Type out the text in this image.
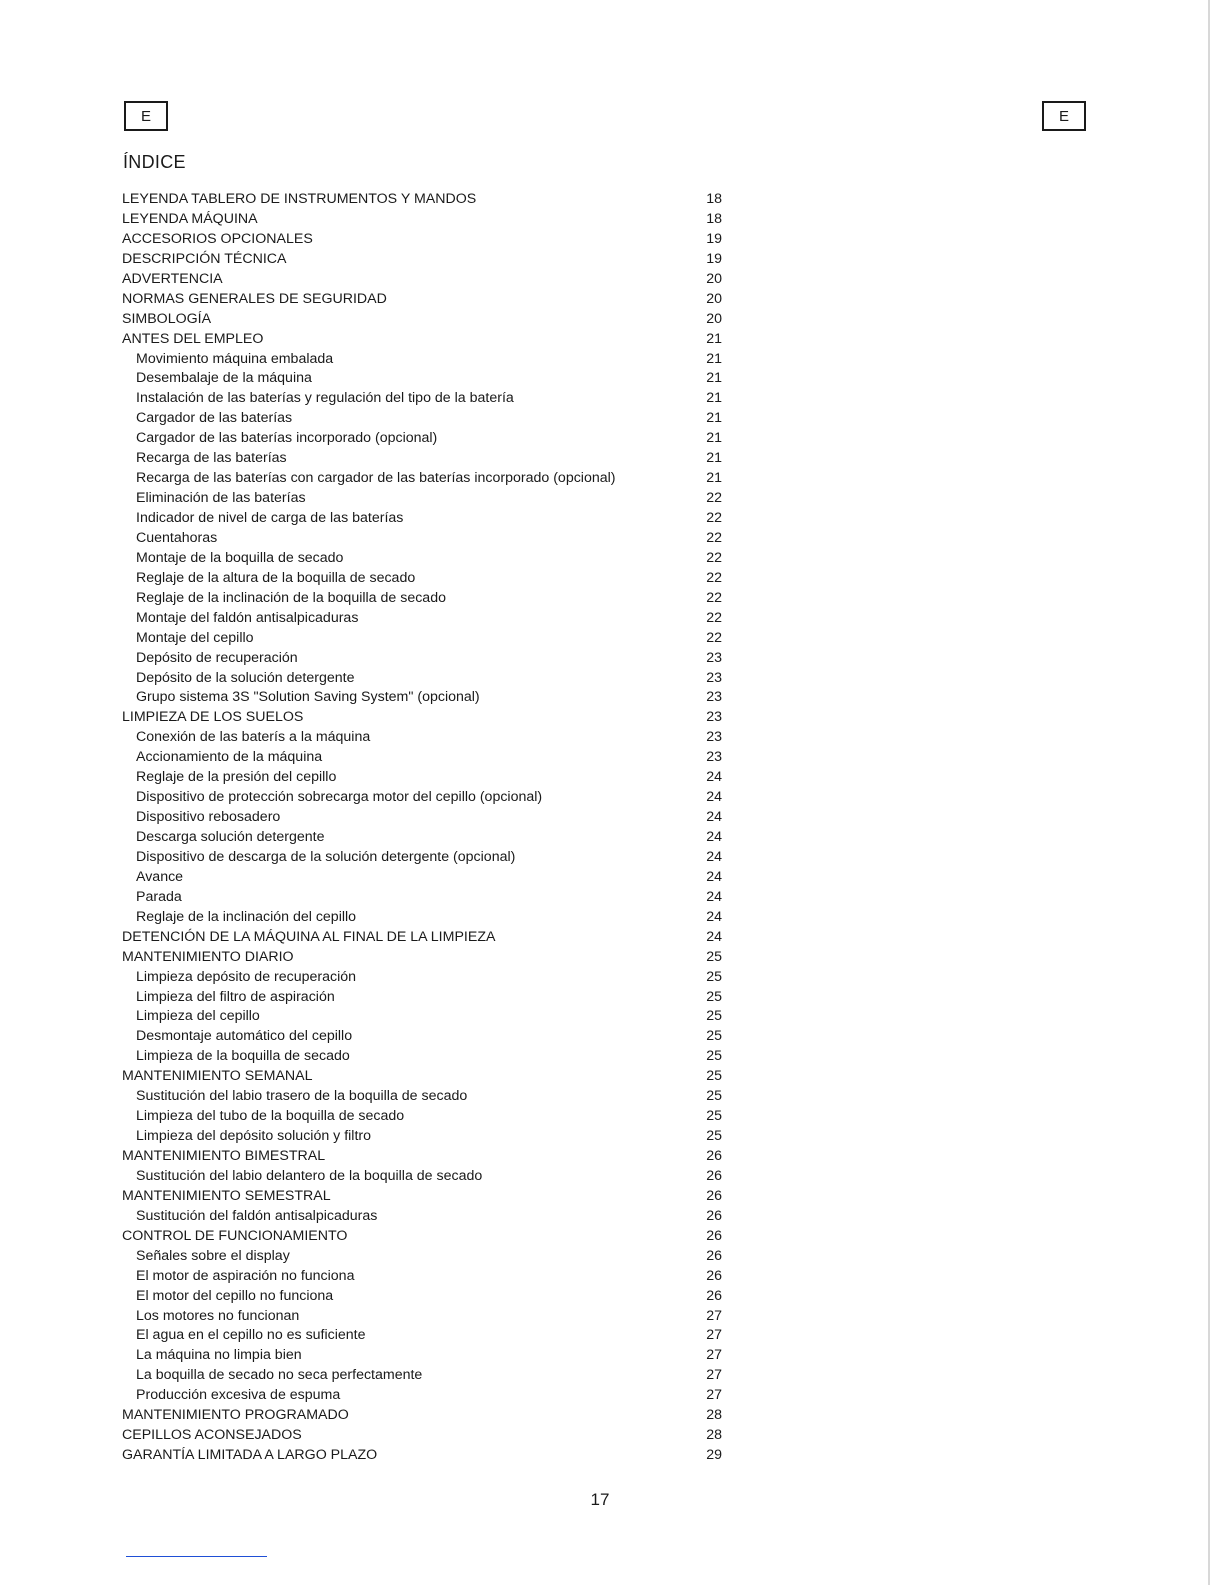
E	E
ÍNDICE
LEYENDA TABLERO DE INSTRUMENTOS Y MANDOS	18
LEYENDA MÁQUINA	18
ACCESORIOS OPCIONALES	19
DESCRIPCIÓN TÉCNICA	19
ADVERTENCIA	20
NORMAS GENERALES DE SEGURIDAD	20
SIMBOLOGÍA	20
ANTES DEL EMPLEO	21
Movimiento máquina embalada	21
Desembalaje de la máquina	21
Instalación de las baterías y regulación del tipo de la batería	21
Cargador de las baterías	21
Cargador de las baterías incorporado (opcional)	21
Recarga de las baterías	21
Recarga de las baterías con cargador de las baterías incorporado (opcional)	21
Eliminación de las baterías	22
Indicador de nivel de carga de las baterías	22
Cuentahoras	22
Montaje de la boquilla de secado	22
Reglaje de la altura de la boquilla de secado	22
Reglaje de la inclinación de la boquilla de secado	22
Montaje del faldón antisalpicaduras	22
Montaje del cepillo	22
Depósito de recuperación	23
Depósito de la solución detergente	23
Grupo sistema 3S "Solution Saving System" (opcional)	23
LIMPIEZA DE LOS SUELOS	23
Conexión de las baterís a la máquina	23
Accionamiento de la máquina	23
Reglaje de la presión del cepillo	24
Dispositivo de protección sobrecarga motor del cepillo (opcional)	24
Dispositivo rebosadero	24
Descarga solución detergente	24
Dispositivo de descarga de la solución detergente (opcional)	24
Avance	24
Parada	24
Reglaje de la inclinación del cepillo	24
DETENCIÓN DE LA MÁQUINA AL FINAL DE LA LIMPIEZA	24
MANTENIMIENTO DIARIO	25
Limpieza depósito de recuperación	25
Limpieza del filtro de aspiración	25
Limpieza del cepillo	25
Desmontaje automático del cepillo	25
Limpieza de la boquilla de secado	25
MANTENIMIENTO SEMANAL	25
Sustitución del labio trasero de la boquilla de secado	25
Limpieza del tubo de la boquilla de secado	25
Limpieza del depósito solución y filtro	25
MANTENIMIENTO BIMESTRAL	26
Sustitución del labio delantero de la boquilla de secado	26
MANTENIMIENTO SEMESTRAL	26
Sustitución del faldón antisalpicaduras	26
CONTROL DE FUNCIONAMIENTO	26
Señales sobre el display	26
El motor de aspiración no funciona	26
El motor del cepillo no funciona	26
Los motores no funcionan	27
El agua en el cepillo no es suficiente	27
La máquina no limpia bien	27
La boquilla de secado no seca perfectamente	27
Producción excesiva de espuma	27
MANTENIMIENTO PROGRAMADO	28
CEPILLOS ACONSEJADOS	28
GARANTÍA LIMITADA A LARGO PLAZO	29
17
